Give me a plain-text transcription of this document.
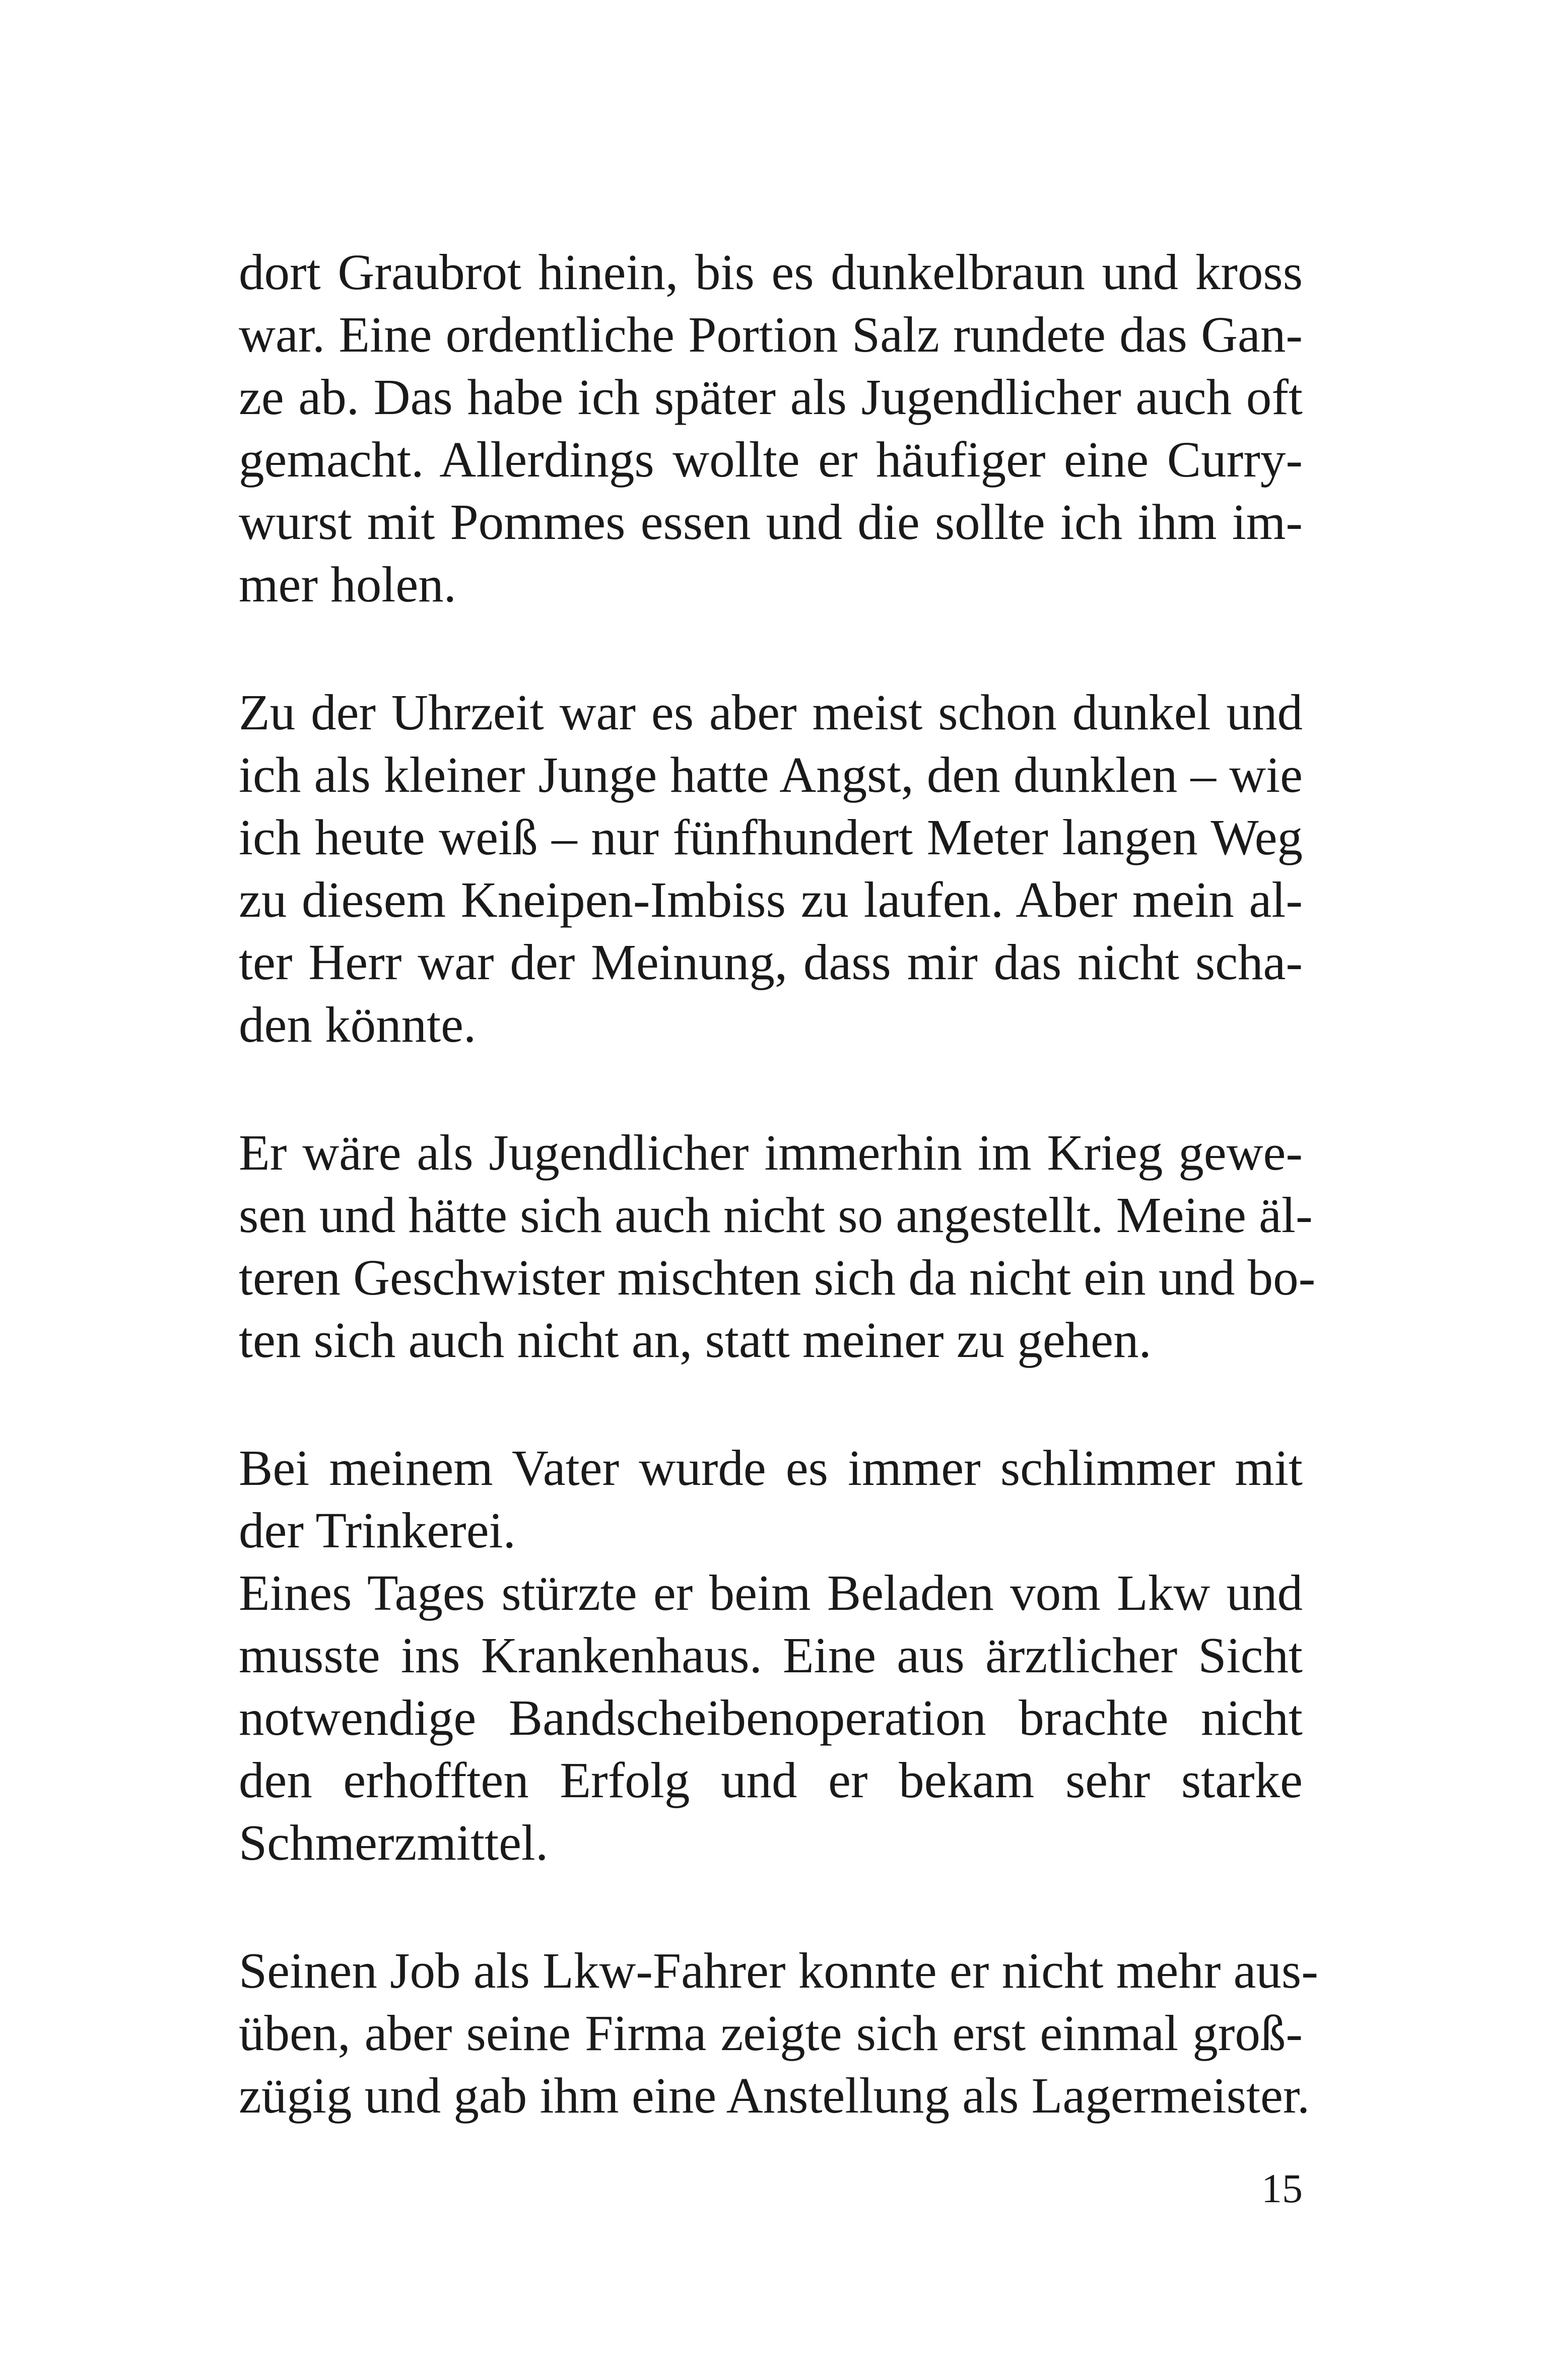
dort Graubrot hinein, bis es dunkelbraun und kross
war. Eine ordentliche Portion Salz rundete das Gan-
ze ab. Das habe ich später als Jugendlicher auch oft
gemacht. Allerdings wollte er häufiger eine Curry-
wurst mit Pommes essen und die sollte ich ihm im-
mer holen.
Zu der Uhrzeit war es aber meist schon dunkel und
ich als kleiner Junge hatte Angst, den dunklen – wie
ich heute weiß – nur fünfhundert Meter langen Weg
zu diesem Kneipen-Imbiss zu laufen. Aber mein al-
ter Herr war der Meinung, dass mir das nicht scha-
den könnte.
Er wäre als Jugendlicher immerhin im Krieg gewe-
sen und hätte sich auch nicht so angestellt. Meine äl-
teren Geschwister mischten sich da nicht ein und bo-
ten sich auch nicht an, statt meiner zu gehen.
Bei meinem Vater wurde es immer schlimmer mit
der Trinkerei.
Eines Tages stürzte er beim Beladen vom Lkw und
musste ins Krankenhaus. Eine aus ärztlicher Sicht
notwendige Bandscheibenoperation brachte nicht
den erhofften Erfolg und er bekam sehr starke
Schmerzmittel.
Seinen Job als Lkw-Fahrer konnte er nicht mehr aus-
üben, aber seine Firma zeigte sich erst einmal groß-
zügig und gab ihm eine Anstellung als Lagermeister.
15
